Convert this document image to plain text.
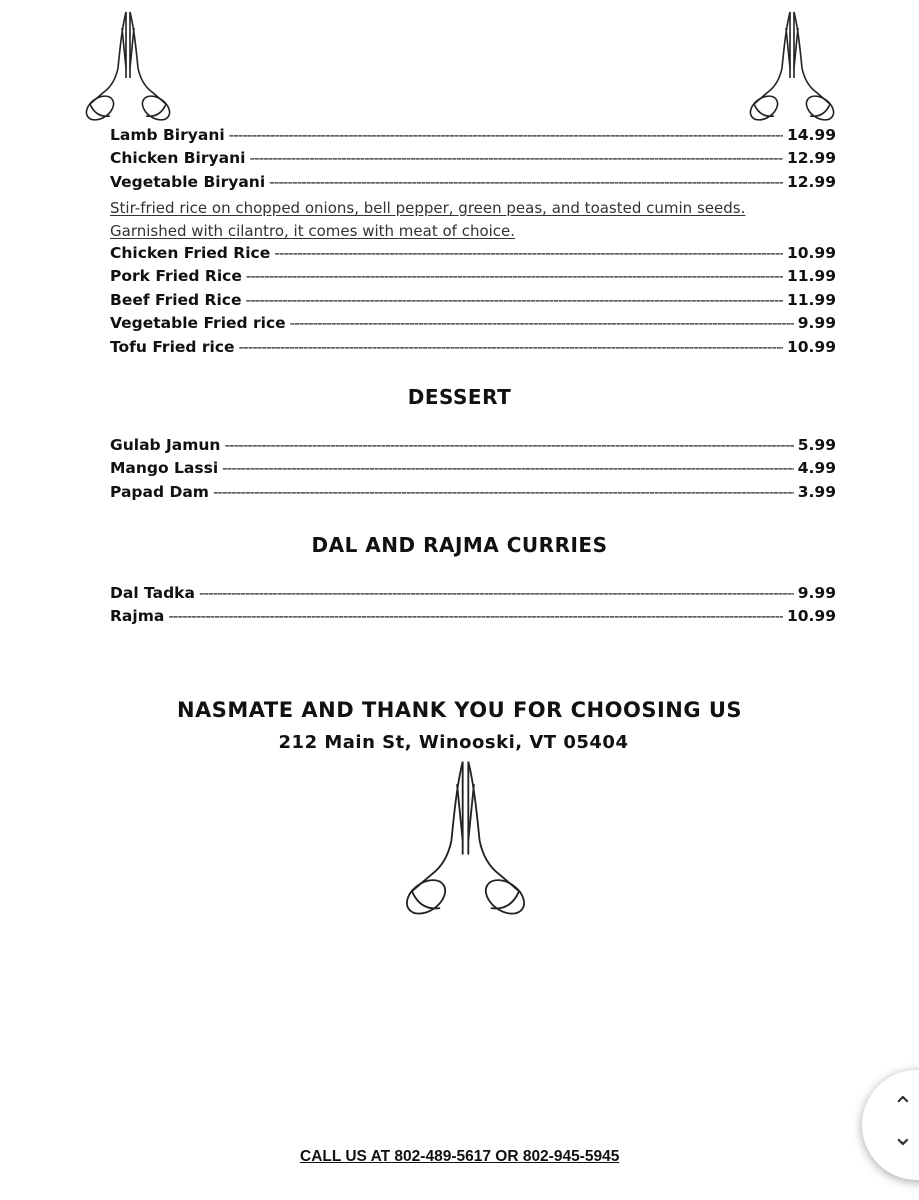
Lamb Biryani -----	14.99
Chicken Biryani -----	12.99
Vegetable Biryani -----	12.99
Stir-fried rice on chopped onions, bell pepper, green peas, and toasted cumin seeds.
Garnished with cilantro, it comes with meat of choice.
Chicken Fried Rice -----	10.99
Pork Fried Rice -----	11.99
Beef Fried Rice -----	11.99
Vegetable Fried rice -----	9.99
Tofu Fried rice -----	10.99
DESSERT
Gulab Jamun -----	5.99
Mango Lassi -----	4.99
Papad Dam -----	3.99
DAL AND RAJMA CURRIES
Dal Tadka -----	9.99
Rajma -----	10.99
NASMATE AND THANK YOU FOR CHOOSING US
212 Main St, Winooski, VT 05404
CALL US AT 802-489-5617 OR 802-945-5945
⌃
⌄
